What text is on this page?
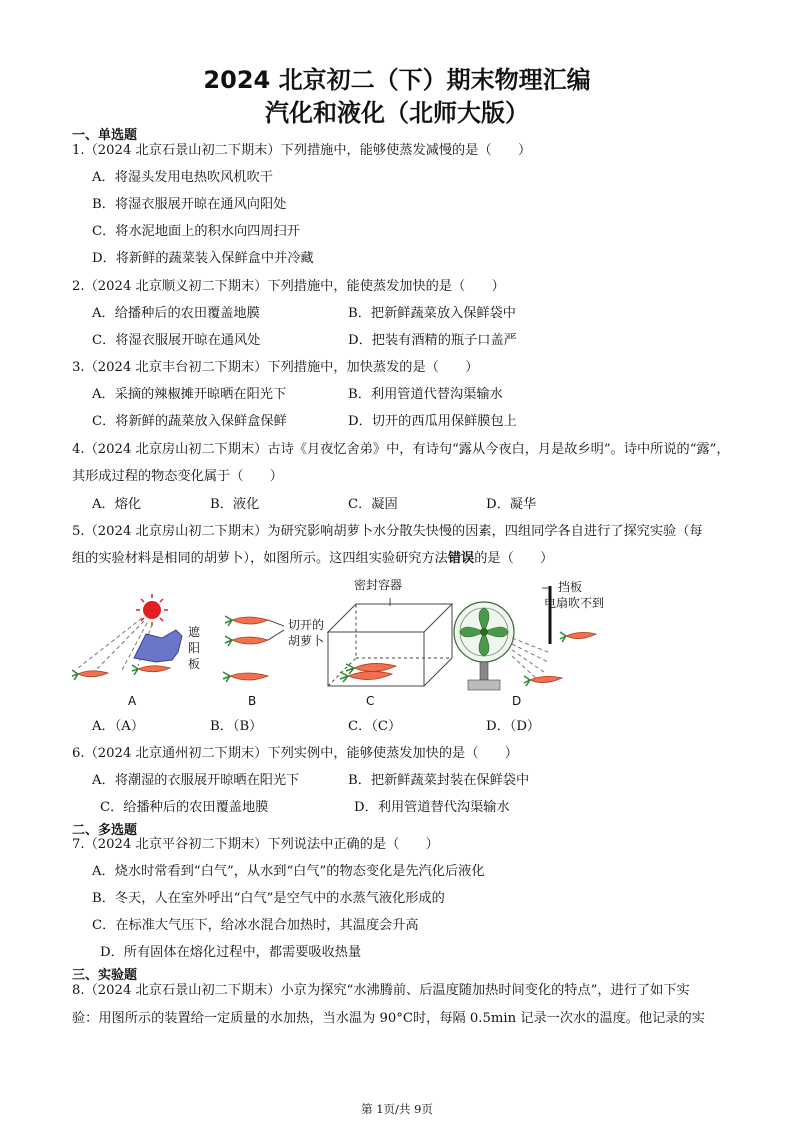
2024 北京初二（下）期末物理汇编
汽化和液化（北师大版）
一、单选题
1.（2024 北京石景山初二下期末）下列措施中，能够使蒸发减慢的是（　　）
A．将湿头发用电热吹风机吹干
B．将湿衣服展开晾在通风向阳处
C．将水泥地面上的积水向四周扫开
D．将新鲜的蔬菜装入保鲜盒中并冷藏
2.（2024 北京顺义初二下期末）下列措施中，能使蒸发加快的是（　　）
A．给播种后的农田覆盖地膜	B．把新鲜蔬菜放入保鲜袋中
C．将湿衣服展开晾在通风处	D．把装有酒精的瓶子口盖严
3.（2024 北京丰台初二下期末）下列措施中，加快蒸发的是（　　）
A．采摘的辣椒摊开晾晒在阳光下	B．利用管道代替沟渠输水
C．将新鲜的蔬菜放入保鲜盒保鲜	D．切开的西瓜用保鲜膜包上
4.（2024 北京房山初二下期末）古诗《月夜忆舍弟》中，有诗句“露从今夜白，月是故乡明”。诗中所说的“露”，
其形成过程的物态变化属于（　　）
A．熔化	B．液化	C．凝固	D．凝华
5.（2024 北京房山初二下期末）为研究影响胡萝卜水分散失快慢的因素，四组同学各自进行了探究实验（每
组的实验材料是相同的胡萝卜），如图所示。这四组实验研究方法错误的是（　　）
遮阳板
切开的
胡萝卜
密封容器	挡板
电扇吹不到
A	B	C	D
A．（A）	B．（B）	C．（C）	D．（D）
6.（2024 北京通州初二下期末）下列实例中，能够使蒸发加快的是（　　）
A．将潮湿的衣服展开晾晒在阳光下	B．把新鲜蔬菜封装在保鲜袋中
C．给播种后的农田覆盖地膜	D．利用管道替代沟渠输水
二、多选题
7.（2024 北京平谷初二下期末）下列说法中正确的是（　　）
A．烧水时常看到“白气”，从水到“白气”的物态变化是先汽化后液化
B．冬天，人在室外呼出“白气”是空气中的水蒸气液化形成的
C．在标准大气压下，给冰水混合加热时，其温度会升高
D．所有固体在熔化过程中，都需要吸收热量
三、实验题
8.（2024 北京石景山初二下期末）小京为探究“水沸腾前、后温度随加热时间变化的特点”，进行了如下实
验：用图所示的装置给一定质量的水加热，当水温为 90°C时，每隔 0.5min 记录一次水的温度。他记录的实
第 1页/共 9页
